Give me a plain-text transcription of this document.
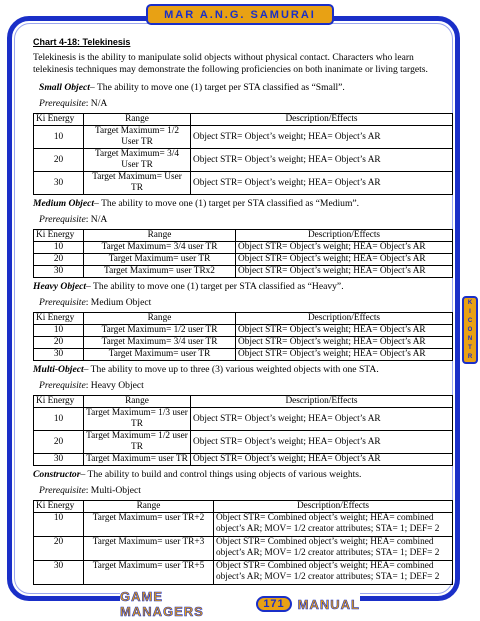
MAR A.N.G. SAMURAI
K
I
C
O
N
T
R
Chart 4-18: Telekinesis

Telekinesis is the ability to manipulate solid objects without physical contact. Characters who learn telekinesis techniques may demonstrate the following proficiencies on both inanimate or living targets.

Small Object– The ability to move one (1) target per STA classified as “Small”.

Prerequisite: N/A

Ki Energy	Range	Description/Effects
10	Target Maximum= 1/2 User TR	Object STR= Object’s weight; HEA= Object’s AR
20	Target Maximum= 3/4 User TR	Object STR= Object’s weight; HEA= Object’s AR
30	Target Maximum= User TR	Object STR= Object’s weight; HEA= Object’s AR

Medium Object– The ability to move one (1) target per STA classified as “Medium”.

Prerequisite: N/A

Ki Energy	Range	Description/Effects
10	Target Maximum= 3/4 user TR	Object STR= Object’s weight; HEA= Object’s AR
20	Target Maximum= user TR	Object STR= Object’s weight; HEA= Object’s AR
30	Target Maximum= user TRx2	Object STR= Object’s weight; HEA= Object’s AR

Heavy Object– The ability to move one (1) target per STA classified as “Heavy”.

Prerequisite: Medium Object

Ki Energy	Range	Description/Effects
10	Target Maximum= 1/2 user TR	Object STR= Object’s weight; HEA= Object’s AR
20	Target Maximum= 3/4 user TR	Object STR= Object’s weight; HEA= Object’s AR
30	Target Maximum= user TR	Object STR= Object’s weight; HEA= Object’s AR

Multi-Object– The ability to move up to three (3) various weighted objects with one STA.

Prerequisite: Heavy Object

Ki Energy	Range	Description/Effects
10	Target Maximum= 1/3 user TR	Object STR= Object’s weight; HEA= Object’s AR
20	Target Maximum= 1/2 user TR	Object STR= Object’s weight; HEA= Object’s AR
30	Target Maximum= user TR	Object STR= Object’s weight; HEA= Object’s AR

Constructor– The ability to build and control things using objects of various weights.

Prerequisite: Multi-Object

Ki Energy	Range	Description/Effects
10	Target Maximum= user TR+2	Object STR= Combined object’s weight; HEA= combined object’s AR; MOV= 1/2 creator attributes; STA= 1; DEF= 2
20	Target Maximum= user TR+3	Object STR= Combined object’s weight; HEA= combined object’s AR; MOV= 1/2 creator attributes; STA= 1; DEF= 2
30	Target Maximum= user TR+5	Object STR= Combined object’s weight; HEA= combined object’s AR; MOV= 1/2 creator attributes; STA= 1; DEF= 2
GAME MANAGERS	171	MANUAL
